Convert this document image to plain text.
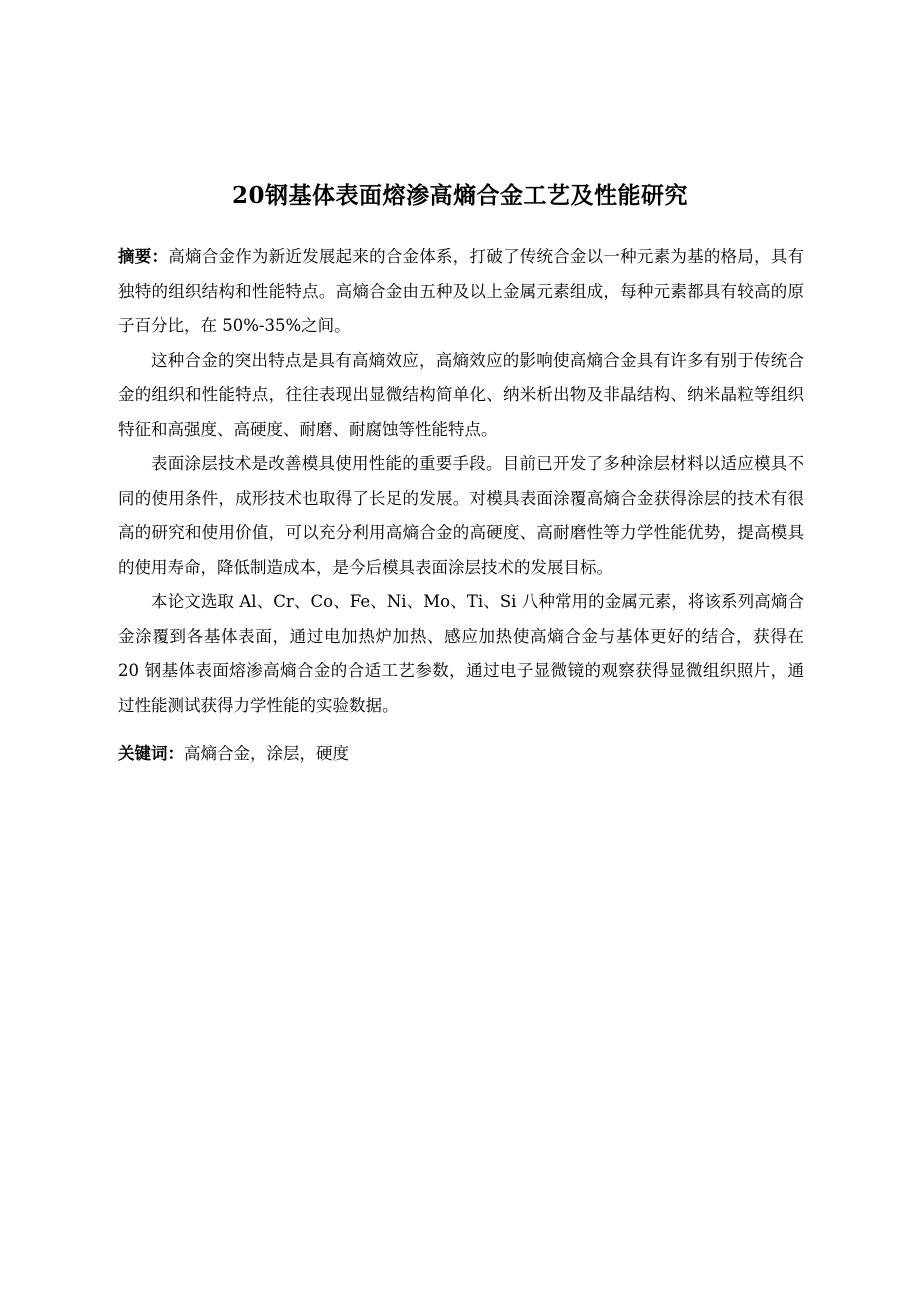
20钢基体表面熔渗高熵合金工艺及性能研究

摘要：高熵合金作为新近发展起来的合金体系，打破了传统合金以一种元素为基的格局，具有独特的组织结构和性能特点。高熵合金由五种及以上金属元素组成，每种元素都具有较高的原子百分比，在 50%-35%之间。

这种合金的突出特点是具有高熵效应，高熵效应的影响使高熵合金具有许多有别于传统合金的组织和性能特点，往往表现出显微结构简单化、纳米析出物及非晶结构、纳米晶粒等组织特征和高强度、高硬度、耐磨、耐腐蚀等性能特点。

表面涂层技术是改善模具使用性能的重要手段。目前已开发了多种涂层材料以适应模具不同的使用条件，成形技术也取得了长足的发展。对模具表面涂覆高熵合金获得涂层的技术有很高的研究和使用价值，可以充分利用高熵合金的高硬度、高耐磨性等力学性能优势，提高模具的使用寿命，降低制造成本，是今后模具表面涂层技术的发展目标。

本论文选取 Al、Cr、Co、Fe、Ni、Mo、Ti、Si 八种常用的金属元素，将该系列高熵合金涂覆到各基体表面，通过电加热炉加热、感应加热使高熵合金与基体更好的结合，获得在 20 钢基体表面熔渗高熵合金的合适工艺参数，通过电子显微镜的观察获得显微组织照片，通过性能测试获得力学性能的实验数据。

关键词：高熵合金，涂层，硬度
